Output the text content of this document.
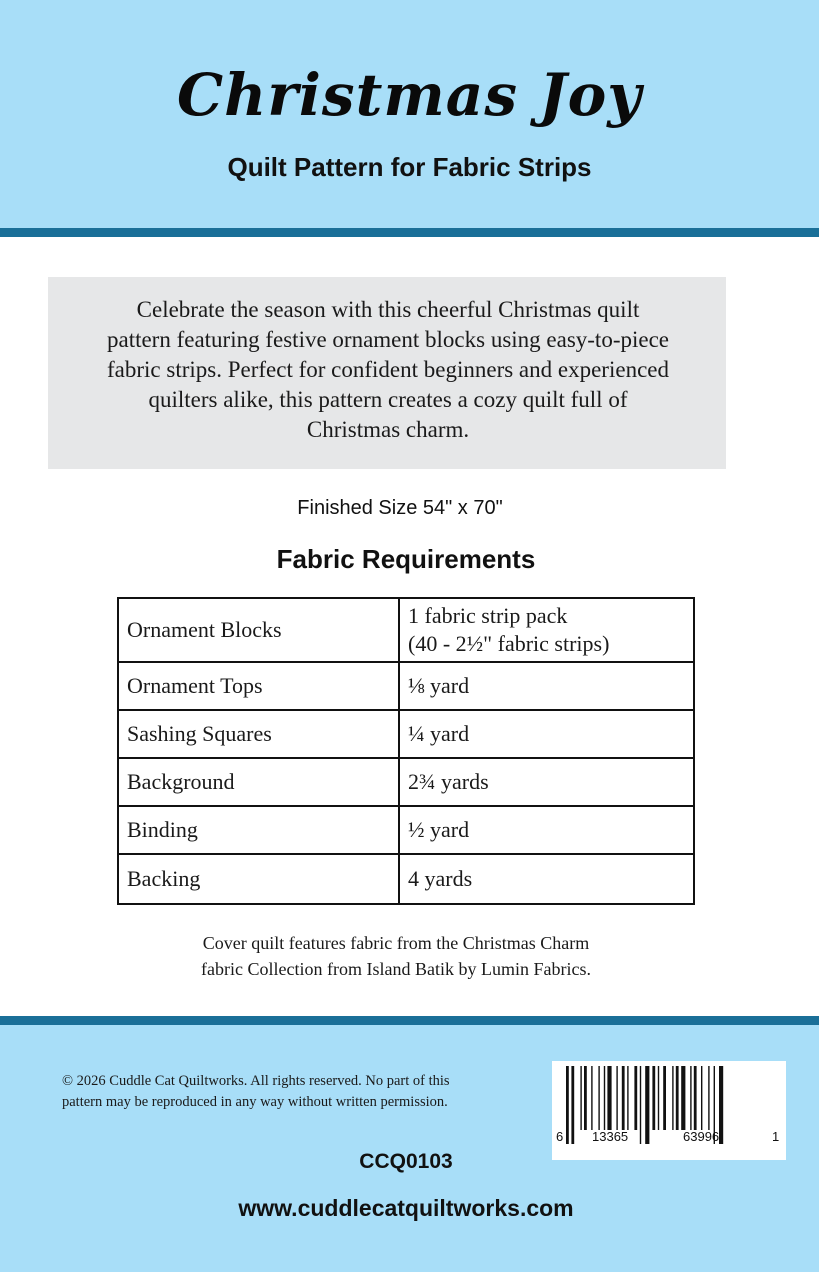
Christmas Joy
Quilt Pattern for Fabric Strips
Celebrate the season with this cheerful Christmas quilt
pattern featuring festive ornament blocks using easy-to-piece
fabric strips. Perfect for confident beginners and experienced
quilters alike, this pattern creates a cozy quilt full of
Christmas charm.
Finished Size 54" x 70"
Fabric Requirements
Ornament Blocks	1 fabric strip pack
(40 - 2½" fabric strips)

Ornament Tops	⅛ yard
Sashing Squares	¼ yard
Background	2¾ yards
Binding	½ yard
Backing	4 yards
Cover quilt features fabric from the Christmas Charm
fabric Collection from Island Batik by Lumin Fabrics.
© 2026 Cuddle Cat Quiltworks. All rights reserved. No part of this
pattern may be reproduced in any way without written permission.
6 13365	63996	1
CCQ0103
www.cuddlecatquiltworks.com
